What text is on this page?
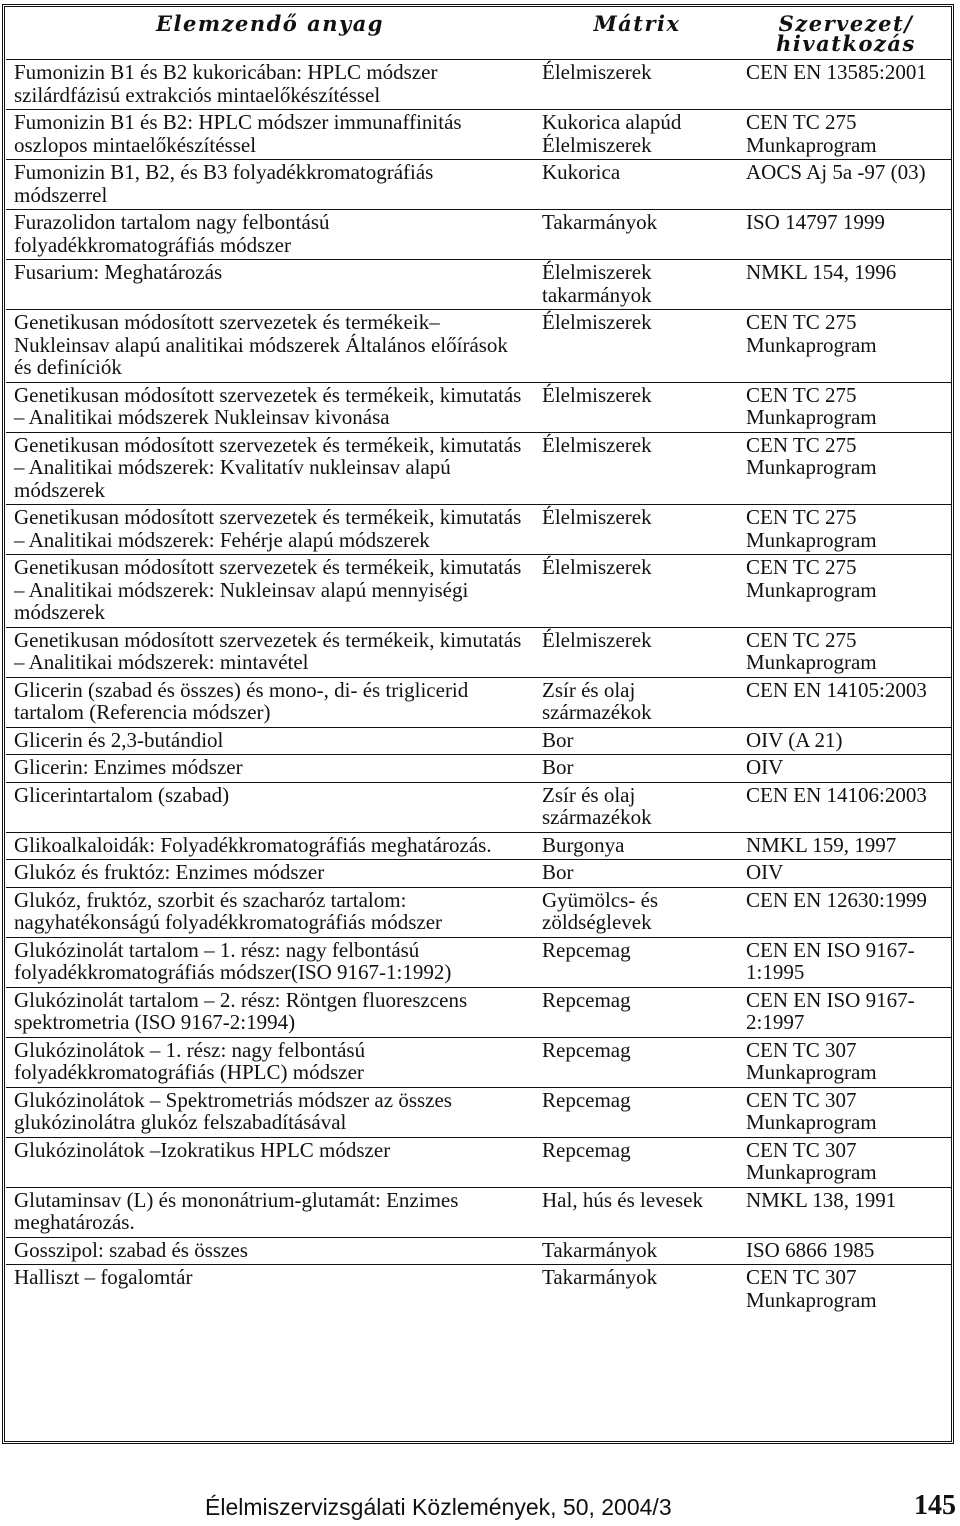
Elemzendő anyag	Mátrix	Szervezet/
hivatkozás
Fumonizin B1 és B2 kukoricában: HPLC módszer szilárdfázisú extrakciós mintaelőkészítéssel	Élelmiszerek	CEN EN 13585:2001
Fumonizin B1 és B2: HPLC módszer immunaffinitás oszlopos mintaelőkészítéssel	Kukorica alapúd Élelmiszerek	CEN TC 275 Munkaprogram
Fumonizin B1, B2, és B3 folyadékkromatográfiás módszerrel	Kukorica	AOCS Aj 5a -97 (03)
Furazolidon tartalom nagy felbontású folyadékkromatográfiás módszer	Takarmányok	ISO 14797 1999
Fusarium: Meghatározás	Élelmiszerek takarmányok	NMKL 154, 1996
Genetikusan módosított szervezetek és termékeik– Nukleinsav alapú analitikai módszerek Általános előírások és definíciók	Élelmiszerek	CEN TC 275 Munkaprogram
Genetikusan módosított szervezetek és termékeik, kimutatás – Analitikai módszerek Nukleinsav kivonása	Élelmiszerek	CEN TC 275 Munkaprogram
Genetikusan módosított szervezetek és termékeik, kimutatás – Analitikai módszerek: Kvalitatív nukleinsav alapú módszerek	Élelmiszerek	CEN TC 275 Munkaprogram
Genetikusan módosított szervezetek és termékeik, kimutatás – Analitikai módszerek: Fehérje alapú módszerek	Élelmiszerek	CEN TC 275 Munkaprogram
Genetikusan módosított szervezetek és termékeik, kimutatás – Analitikai módszerek: Nukleinsav alapú mennyiségi módszerek	Élelmiszerek	CEN TC 275 Munkaprogram
Genetikusan módosított szervezetek és termékeik, kimutatás – Analitikai módszerek: mintavétel	Élelmiszerek	CEN TC 275 Munkaprogram
Glicerin (szabad és összes) és mono-, di- és triglicerid tartalom (Referencia módszer)	Zsír és olaj származékok	CEN EN 14105:2003
Glicerin és 2,3-butándiol	Bor	OIV (A 21)
Glicerin: Enzimes módszer	Bor	OIV
Glicerintartalom (szabad)	Zsír és olaj származékok	CEN EN 14106:2003
Glikoalkaloidák: Folyadékkromatográfiás meghatározás.	Burgonya	NMKL 159, 1997
Glukóz és fruktóz: Enzimes módszer	Bor	OIV
Glukóz, fruktóz, szorbit és szacharóz tartalom: nagyhatékonságú folyadékkromatográfiás módszer	Gyümölcs- és zöldséglevek	CEN EN 12630:1999
Glukózinolát tartalom – 1. rész: nagy felbontású folyadékkromatográfiás módszer(ISO 9167-1:1992)	Repcemag	CEN EN ISO 9167-1:1995
Glukózinolát tartalom – 2. rész: Röntgen fluoreszcens spektrometria (ISO 9167-2:1994)	Repcemag	CEN EN ISO 9167-2:1997
Glukózinolátok – 1. rész: nagy felbontású folyadékkromatográfiás (HPLC) módszer	Repcemag	CEN TC 307 Munkaprogram
Glukózinolátok – Spektrometriás módszer az összes glukózinolátra glukóz felszabadításával	Repcemag	CEN TC 307 Munkaprogram
Glukózinolátok –Izokratikus HPLC módszer	Repcemag	CEN TC 307 Munkaprogram
Glutaminsav (L) és mononátrium-glutamát: Enzimes meghatározás.	Hal, hús és levesek	NMKL 138, 1991
Gosszipol: szabad és összes	Takarmányok	ISO 6866 1985
Halliszt – fogalomtár	Takarmányok	CEN TC 307 Munkaprogram
Élelmiszervizsgálati Közlemények, 50, 2004/3	145
